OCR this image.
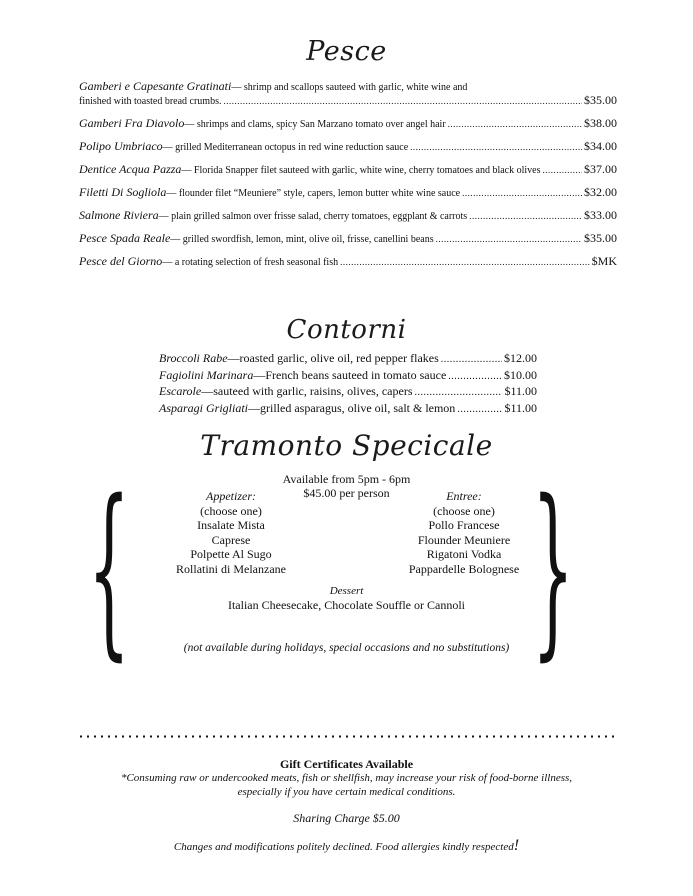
Pesce
Gamberi e Capesante Gratinati — shrimp and scallops sauteed with garlic, white wine and
finished with toasted bread crumbs. .....	$35.00
Gamberi Fra Diavolo — shrimps and clams, spicy San Marzano tomato over angel hair .....	$38.00
Polipo Umbriaco — grilled Mediterranean octopus in red wine reduction sauce .....	$34.00
Dentice Acqua Pazza — Florida Snapper filet sauteed with garlic, white wine, cherry tomatoes and black olives .....	$37.00
Filetti Di Sogliola — flounder filet “Meuniere” style, capers, lemon butter white wine sauce .....	$32.00
Salmone Riviera — plain grilled salmon over frisse salad, cherry tomatoes, eggplant & carrots .....	$33.00
Pesce Spada Reale — grilled swordfish, lemon, mint, olive oil, frisse, canellini beans .....	$35.00
Pesce del Giorno — a rotating selection of fresh seasonal fish .....	$MK
Contorni
Broccoli Rabe —roasted garlic, olive oil, red pepper flakes .....	$12.00
Fagiolini Marinara —French beans sauteed in tomato sauce .....	$10.00
Escarole —sauteed with garlic, raisins, olives, capers .....	$11.00
Asparagi Grigliati —grilled asparagus, olive oil, salt & lemon .....	$11.00
Tramonto Specicale
{	}
Available from 5pm - 6pm
$45.00 per person
Appetizer:
(choose one)
Insalate Mista
Caprese
Polpette Al Sugo
Rollatini di Melanzane
Entree:
(choose one)
Pollo Francese
Flounder Meuniere
Rigatoni Vodka
Pappardelle Bolognese
Dessert
Italian Cheesecake, Chocolate Souffle or Cannoli
(not available during holidays, special occasions and no substitutions)
Gift Certificates Available
*Consuming raw or undercooked meats, fish or shellfish, may increase your risk of food-borne illness,
especially if you have certain medical conditions.
Sharing Charge $5.00
Changes and modifications politely declined. Food allergies kindly respected!
